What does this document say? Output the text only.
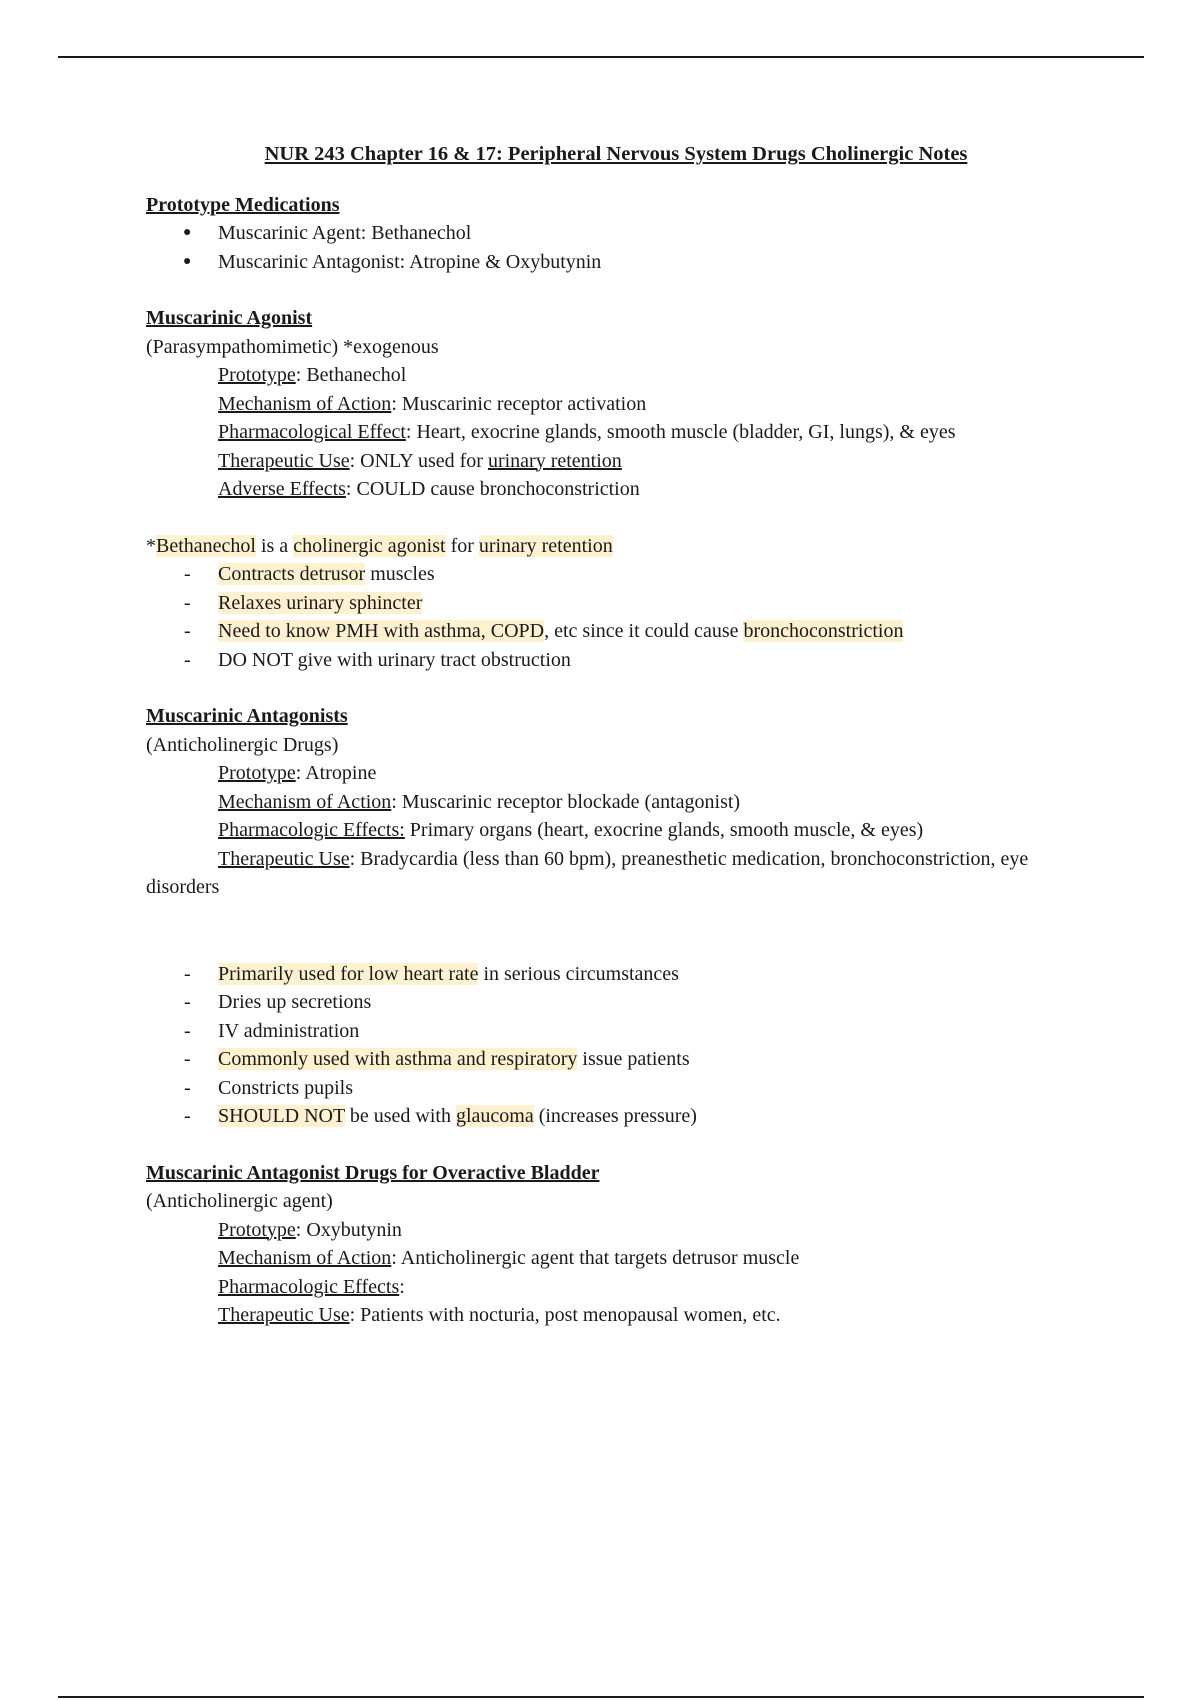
NUR 243 Chapter 16 & 17: Peripheral Nervous System Drugs Cholinergic Notes

Prototype Medications

● Muscarinic Agent: Bethanechol
● Muscarinic Antagonist: Atropine & Oxybutynin

Muscarinic Agonist

(Parasympathomimetic) *exogenous

Prototype: Bethanechol

Mechanism of Action: Muscarinic receptor activation

Pharmacological Effect: Heart, exocrine glands, smooth muscle (bladder, GI, lungs), & eyes

Therapeutic Use: ONLY used for urinary retention

Adverse Effects: COULD cause bronchoconstriction

*Bethanechol is a cholinergic agonist for urinary retention

- Contracts detrusor muscles
- Relaxes urinary sphincter
- Need to know PMH with asthma, COPD, etc since it could cause bronchoconstriction
- DO NOT give with urinary tract obstruction

Muscarinic Antagonists

(Anticholinergic Drugs)

Prototype: Atropine

Mechanism of Action: Muscarinic receptor blockade (antagonist)

Pharmacologic Effects: Primary organs (heart, exocrine glands, smooth muscle, & eyes)

Therapeutic Use: Bradycardia (less than 60 bpm), preanesthetic medication, bronchoconstriction, eye disorders

- Primarily used for low heart rate in serious circumstances
- Dries up secretions
- IV administration
- Commonly used with asthma and respiratory issue patients
- Constricts pupils
- SHOULD NOT be used with glaucoma (increases pressure)

Muscarinic Antagonist Drugs for Overactive Bladder

(Anticholinergic agent)

Prototype: Oxybutynin

Mechanism of Action: Anticholinergic agent that targets detrusor muscle

Pharmacologic Effects:

Therapeutic Use: Patients with nocturia, post menopausal women, etc.
